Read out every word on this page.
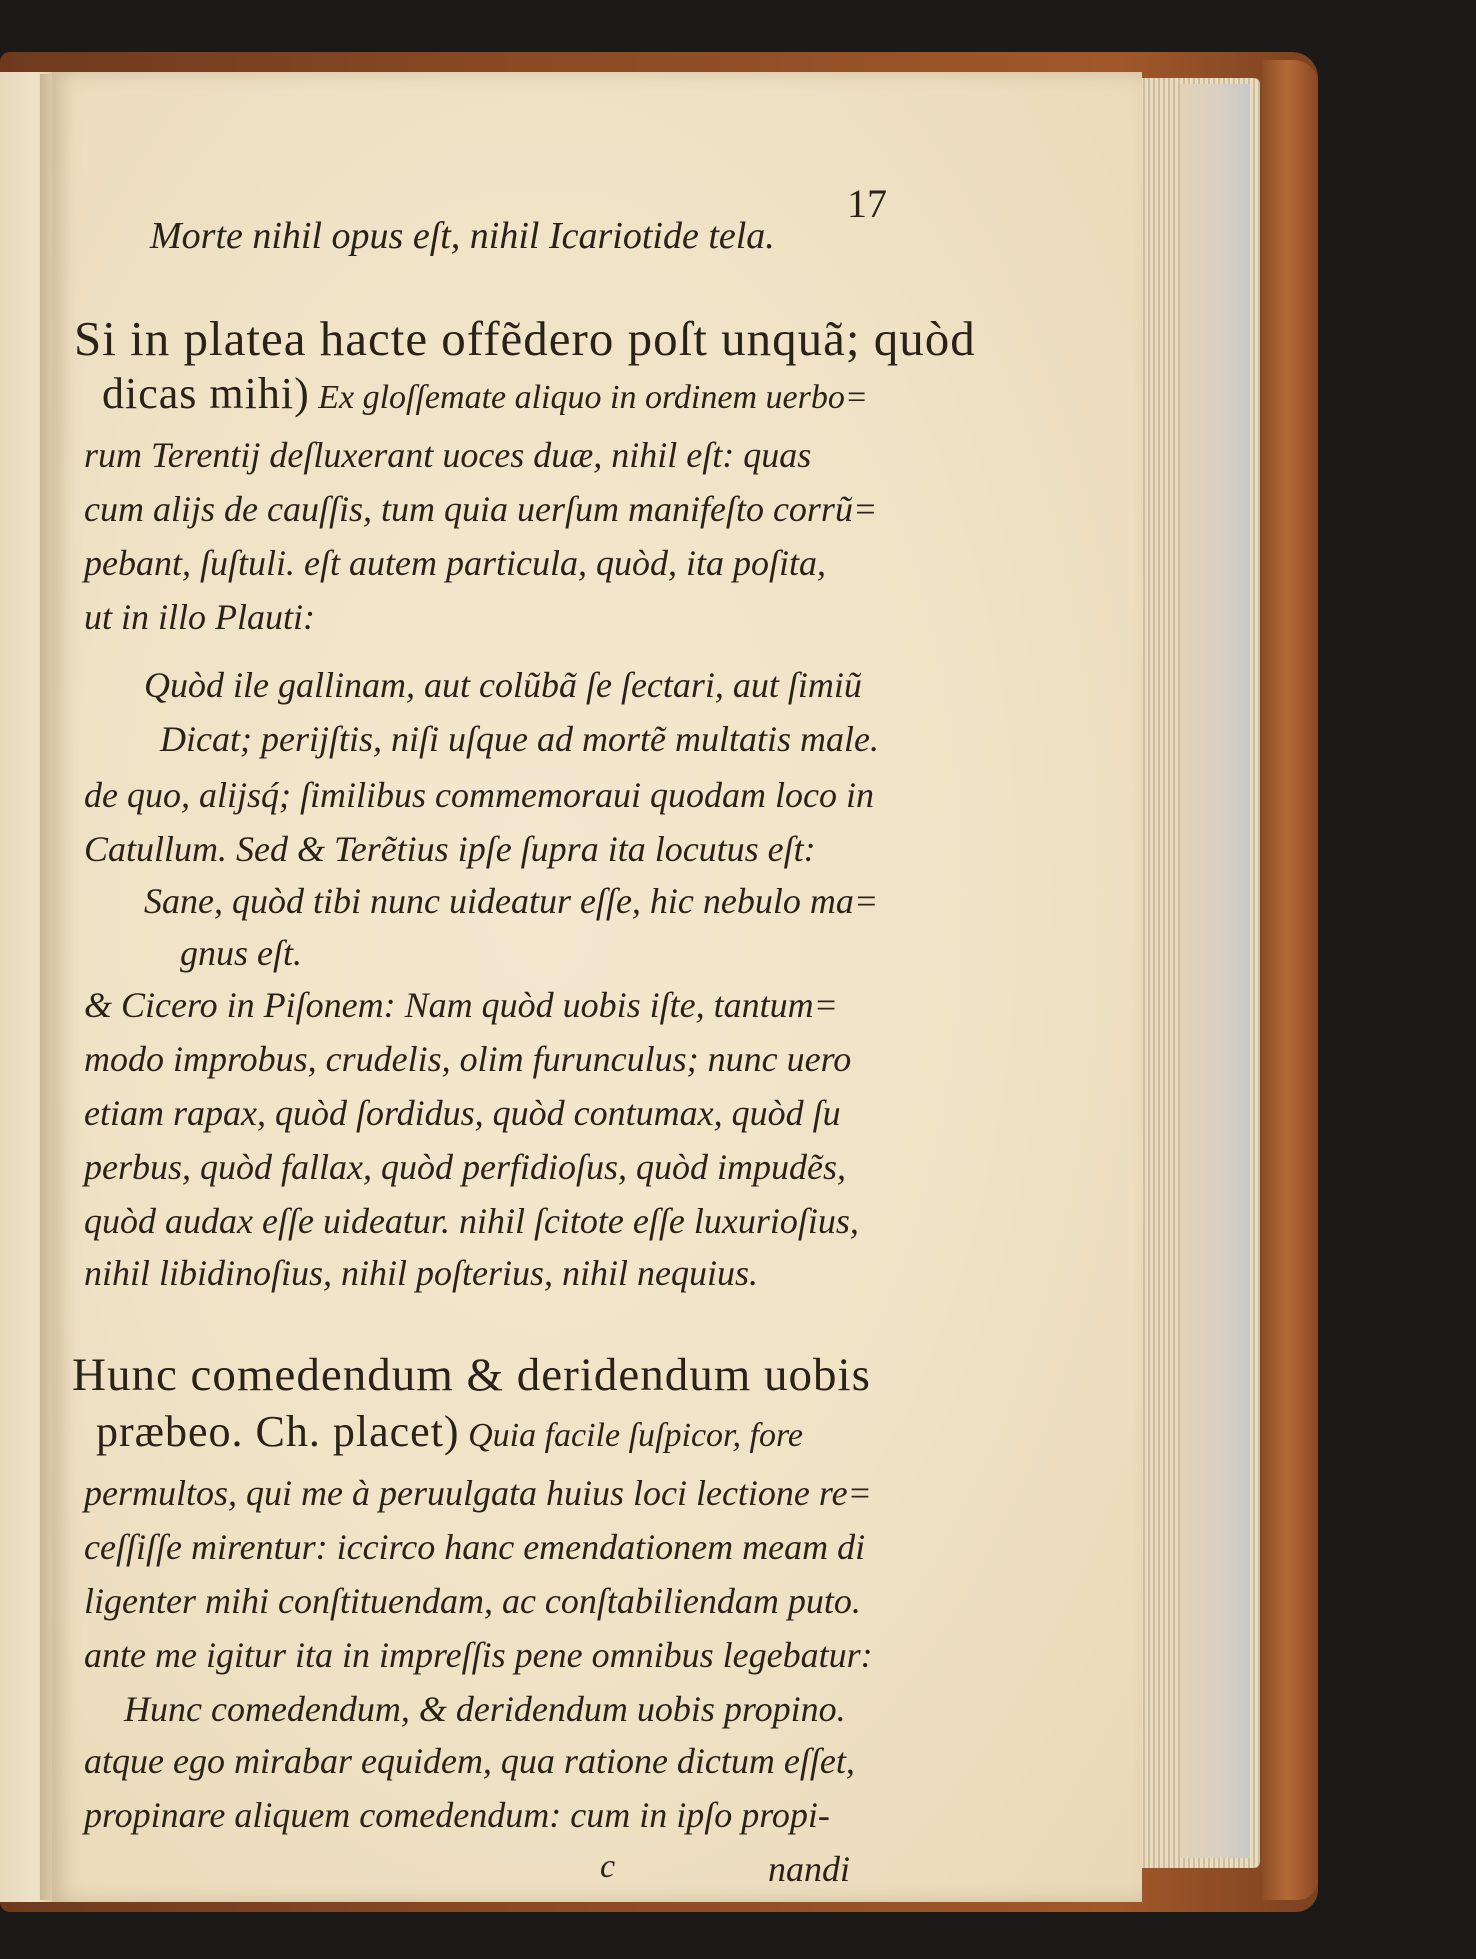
17
Morte nihil opus eſt, nihil Icariotide tela.
Si in platea hacte offẽdero poſt unquã; quòd
dicas mihi) Ex gloſſemate aliquo in ordinem uerbo=
rum Terentij deſluxerant uoces duæ, nihil eſt: quas
cum alijs de cauſſis, tum quia uerſum manifeſto corrũ=
pebant, ſuſtuli. eſt autem particula, quòd, ita poſita,
ut in illo Plauti:
Quòd ile gallinam, aut colũbã ſe ſectari, aut ſimiũ
Dicat; perijſtis, niſi uſque ad mortẽ multatis male.
de quo, alijsq́; ſimilibus commemoraui quodam loco in
Catullum. Sed & Terẽtius ipſe ſupra ita locutus eſt:
Sane, quòd tibi nunc uideatur eſſe, hic nebulo ma=
gnus eſt.
& Cicero in Piſonem: Nam quòd uobis iſte, tantum=
modo improbus, crudelis, olim furunculus; nunc uero
etiam rapax, quòd ſordidus, quòd contumax, quòd ſu
perbus, quòd fallax, quòd perfidioſus, quòd impudẽs,
quòd audax eſſe uideatur. nihil ſcitote eſſe luxurioſius,
nihil libidinoſius, nihil poſterius, nihil nequius.
Hunc comedendum & deridendum uobis
præbeo. Ch. placet) Quia facile ſuſpicor, fore
permultos, qui me à peruulgata huius loci lectione re=
ceſſiſſe mirentur: iccirco hanc emendationem meam di
ligenter mihi conſtituendam, ac conſtabiliendam puto.
ante me igitur ita in impreſſis pene omnibus legebatur:
Hunc comedendum, & deridendum uobis propino.
atque ego mirabar equidem, qua ratione dictum eſſet,
propinare aliquem comedendum: cum in ipſo propi-
c	nandi
